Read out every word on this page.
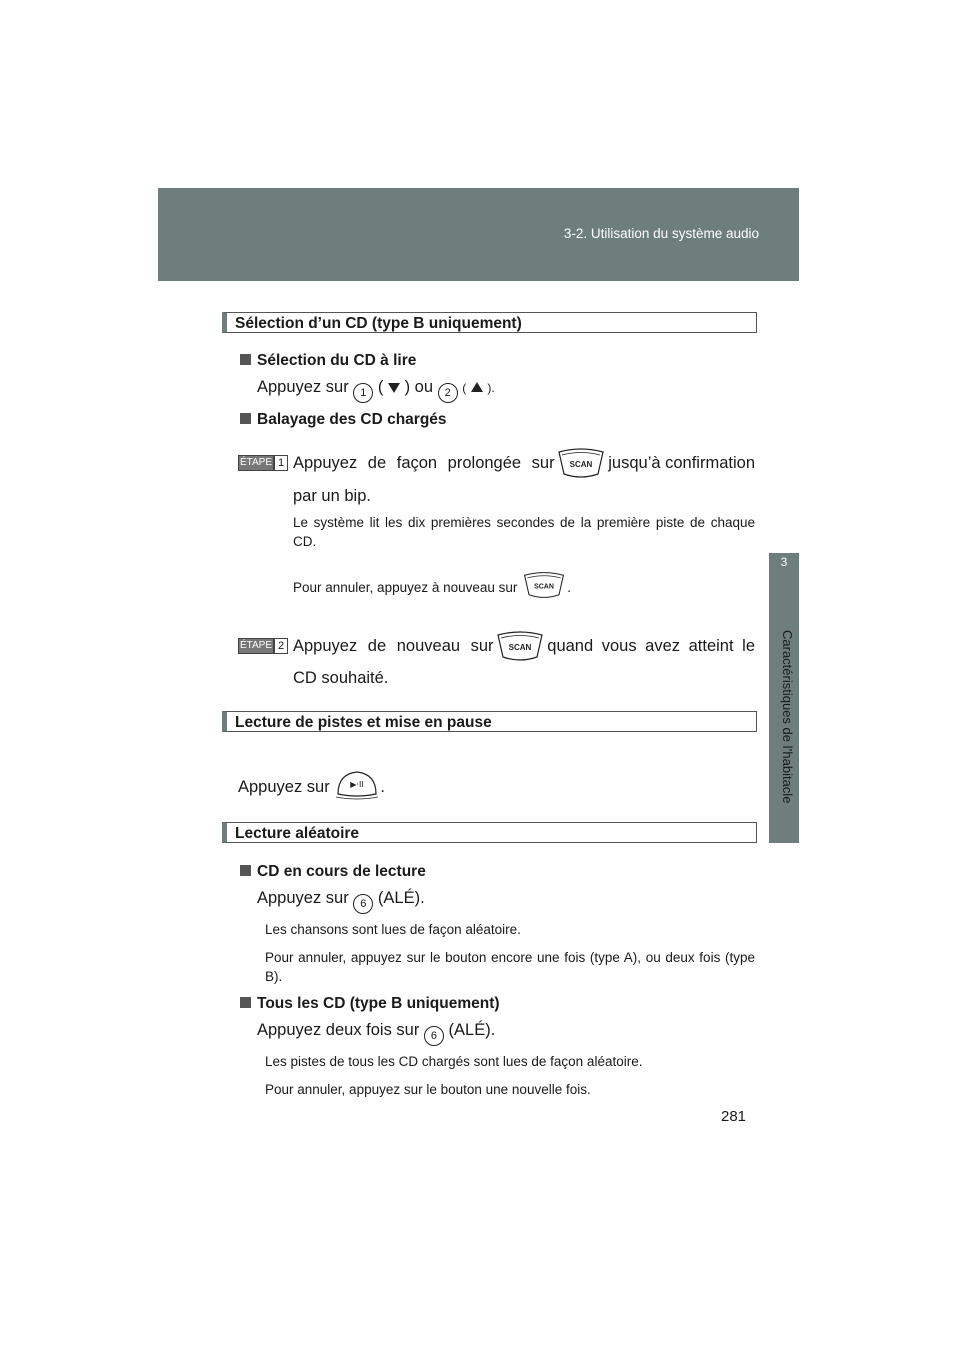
3-2. Utilisation du système audio
3
Caractéristiques de l’habitacle
Sélection d’un CD (type B uniquement)
Sélection du CD à lire
Appuyez sur 1 ( ) ou 2 ( ).
Balayage des CD chargés
ÉTAPE 1 Appuyez de façon prolongée sur SCAN jusqu’à confirmation
par un bip.
Le système lit les dix premières secondes de la première piste de chaque CD.
Pour annuler, appuyez à nouveau sur SCAN .
ÉTAPE 2 Appuyez de nouveau sur SCAN quand vous avez atteint le
CD souhaité.
Lecture de pistes et mise en pause
Appuyez sur	▶·II .
Lecture aléatoire
CD en cours de lecture
Appuyez sur 6 (ALÉ).
Les chansons sont lues de façon aléatoire.
Pour annuler, appuyez sur le bouton encore une fois (type A), ou deux fois (type B).
Tous les CD (type B uniquement)
Appuyez deux fois sur 6 (ALÉ).
Les pistes de tous les CD chargés sont lues de façon aléatoire.
Pour annuler, appuyez sur le bouton une nouvelle fois.
281
